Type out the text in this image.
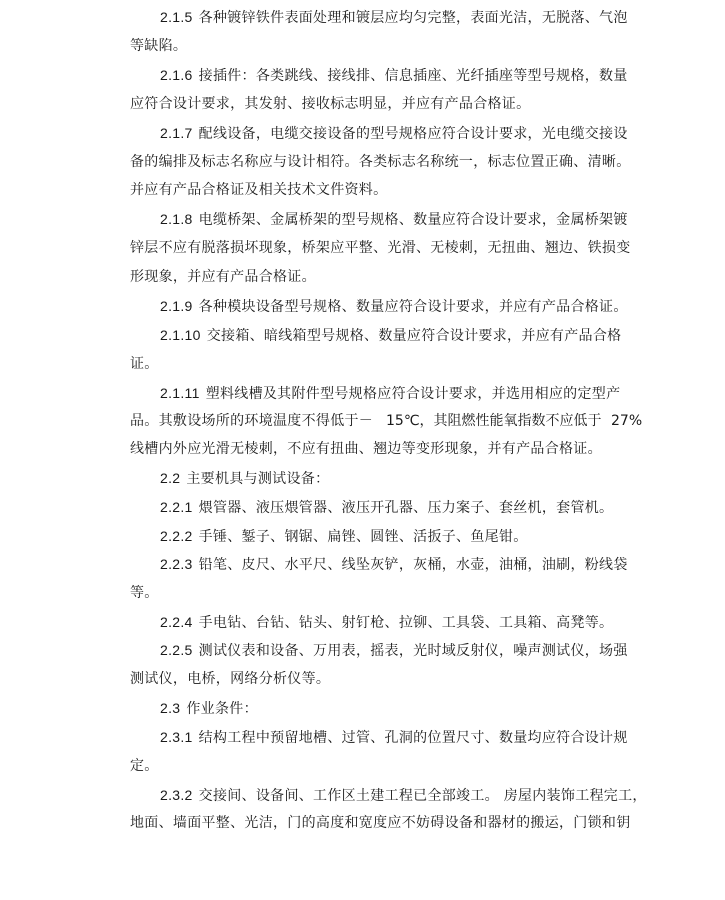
2.1.5 各种镀锌铁件表面处理和镀层应均匀完整，表面光洁，无脱落、气泡
等缺陷。
2.1.6 接插件：各类跳线、接线排、信息插座、光纤插座等型号规格，数量
应符合设计要求，其发射、接收标志明显，并应有产品合格证。
2.1.7 配线设备，电缆交接设备的型号规格应符合设计要求，光电缆交接设
备的编排及标志名称应与设计相符。各类标志名称统一，标志位置正确、清晰。
并应有产品合格证及相关技术文件资料。
2.1.8 电缆桥架、金属桥架的型号规格、数量应符合设计要求，金属桥架镀
锌层不应有脱落损坏现象，桥架应平整、光滑、无棱刺，无扭曲、翘边、铁损变
形现象，并应有产品合格证。
2.1.9 各种模块设备型号规格、数量应符合设计要求，并应有产品合格证。
2.1.10 交接箱、暗线箱型号规格、数量应符合设计要求，并应有产品合格
证。
2.1.11 塑料线槽及其附件型号规格应符合设计要求，并选用相应的定型产
品。其敷设场所的环境温度不得低于－ 15℃，其阻燃性能氧指数不应低于 27%
线槽内外应光滑无棱刺，不应有扭曲、翘边等变形现象，并有产品合格证。
2.2 主要机具与测试设备：
2.2.1 煨管器、液压煨管器、液压开孔器、压力案子、套丝机，套管机。
2.2.2 手锤、錾子、钢锯、扁锉、圆锉、活扳子、鱼尾钳。
2.2.3 铅笔、皮尺、水平尺、线坠灰铲，灰桶，水壶，油桶，油刷，粉线袋
等。
2.2.4 手电钻、台钻、钻头、射钉枪、拉铆、工具袋、工具箱、高凳等。
2.2.5 测试仪表和设备、万用表，摇表，光时域反射仪，噪声测试仪，场强
测试仪，电桥，网络分析仪等。
2.3 作业条件：
2.3.1 结构工程中预留地槽、过管、孔洞的位置尺寸、数量均应符合设计规
定。
2.3.2 交接间、设备间、工作区土建工程已全部竣工。 房屋内装饰工程完工，
地面、墙面平整、光洁，门的高度和宽度应不妨碍设备和器材的搬运，门锁和钥
